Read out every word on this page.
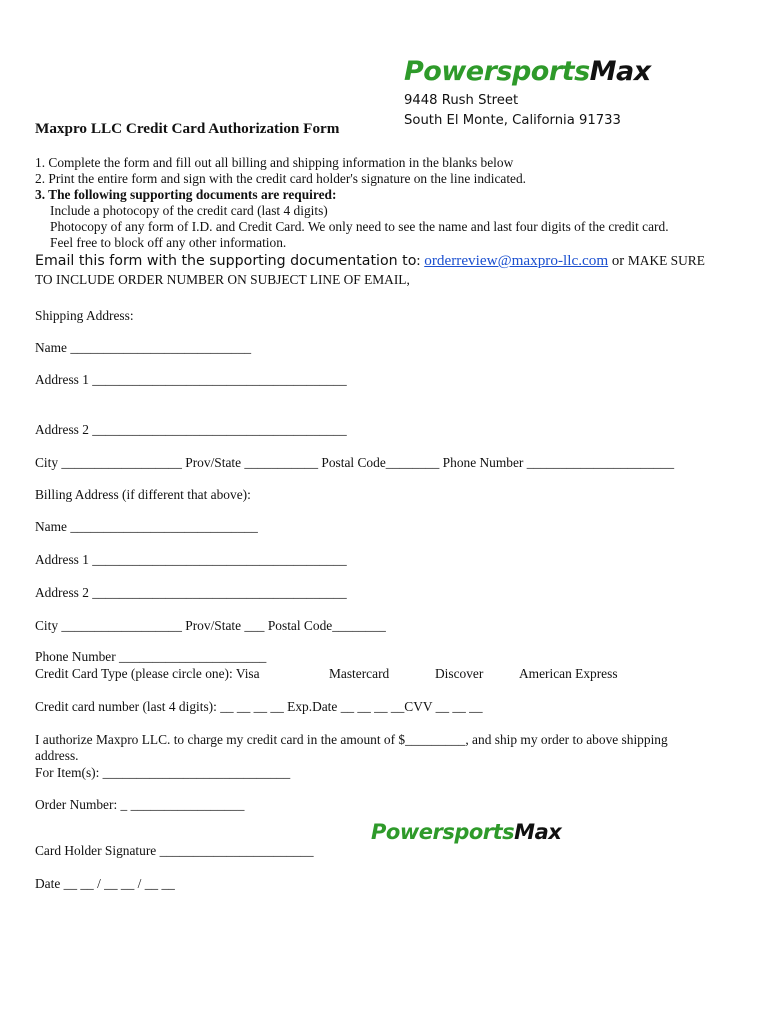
PowersportsMax
9448 Rush Street
South El Monte, California 91733
Maxpro LLC Credit Card Authorization Form
1. Complete the form and fill out all billing and shipping information in the blanks below
2. Print the entire form and sign with the credit card holder's signature on the line indicated.
3. The following supporting documents are required:
Include a photocopy of the credit card (last 4 digits)
Photocopy of any form of I.D. and Credit Card. We only need to see the name and last four digits of the credit card.
Feel free to block off any other information.
Email this form with the supporting documentation to: orderreview@maxpro-llc.com or MAKE SURE
TO INCLUDE ORDER NUMBER ON SUBJECT LINE OF EMAIL,
Shipping Address:
Name ___________________________
Address 1 ______________________________________
Address 2 ______________________________________
City __________________ Prov/State ___________ Postal Code________ Phone Number ______________________
Billing Address (if different that above):
Name ____________________________
Address 1 ______________________________________
Address 2 ______________________________________
City __________________ Prov/State ___ Postal Code________
Phone Number ______________________
Credit Card Type (please circle one): Visa	Mastercard	Discover	American Express
Credit card number (last 4 digits): __ __ __ __ Exp.Date __ __ __ __CVV __ __ __
I authorize Maxpro LLC. to charge my credit card in the amount of $_________, and ship my order to above shipping
address.
For Item(s): ____________________________
Order Number: _ _________________
PowersportsMax
Card Holder Signature _______________________
Date __ __ / __ __ / __ __
